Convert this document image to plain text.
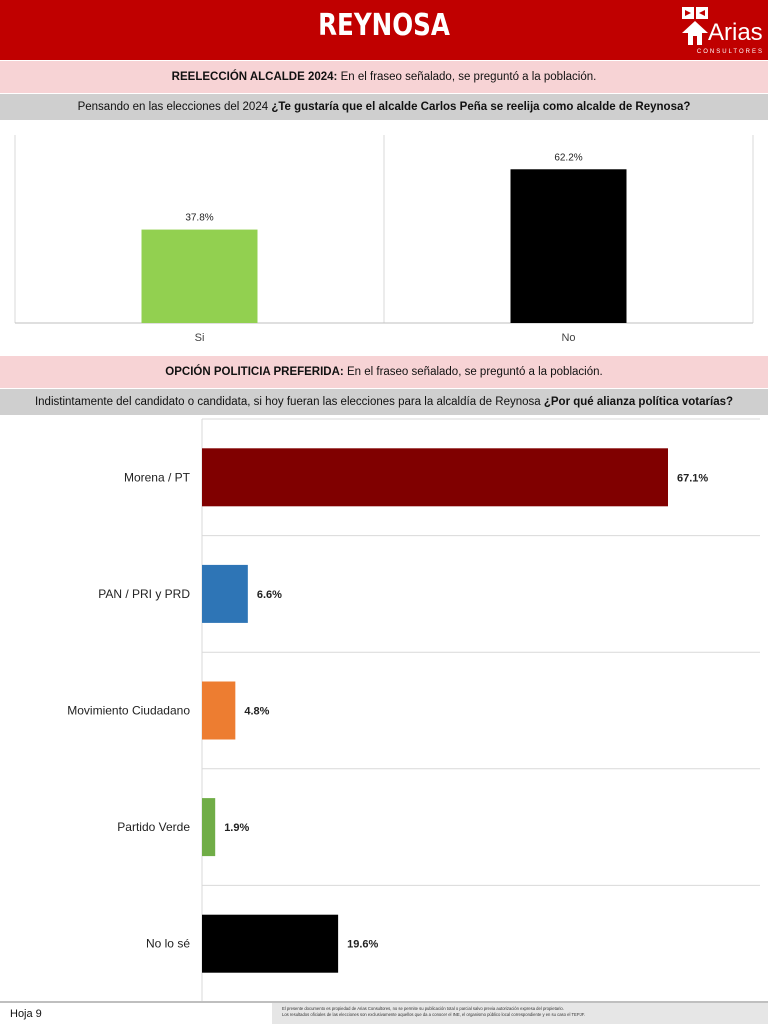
REYNOSA	Arias
CONSULTORES
REELECCIÓN ALCALDE 2024: En el fraseo señalado, se preguntó a la población.
Pensando en las elecciones del 2024 ¿Te gustaría que el alcalde Carlos Peña se reelija como alcalde de Reynosa?
37.8%
Si
62.2%
No
OPCIÓN POLITICIA PREFERIDA: En el fraseo señalado, se preguntó a la población.
Indistintamente del candidato o candidata, si hoy fueran las elecciones para la alcaldía de Reynosa ¿Por qué alianza política votarías?
67.1%
Morena / PT
6.6%
PAN / PRI y PRD
4.8%
Movimiento Ciudadano
1.9%
Partido Verde
19.6%
No lo sé
Hoja 9	El presente documento es propiedad de Arias Consultores, no se permite su publicación total o parcial salvo previa autorización expresa del propietario.
Los resultados oficiales de las elecciones son exclusivamente aquellos que da a conocer el INE, el organismo público local correspondiente y en su caso el TEPJF.
